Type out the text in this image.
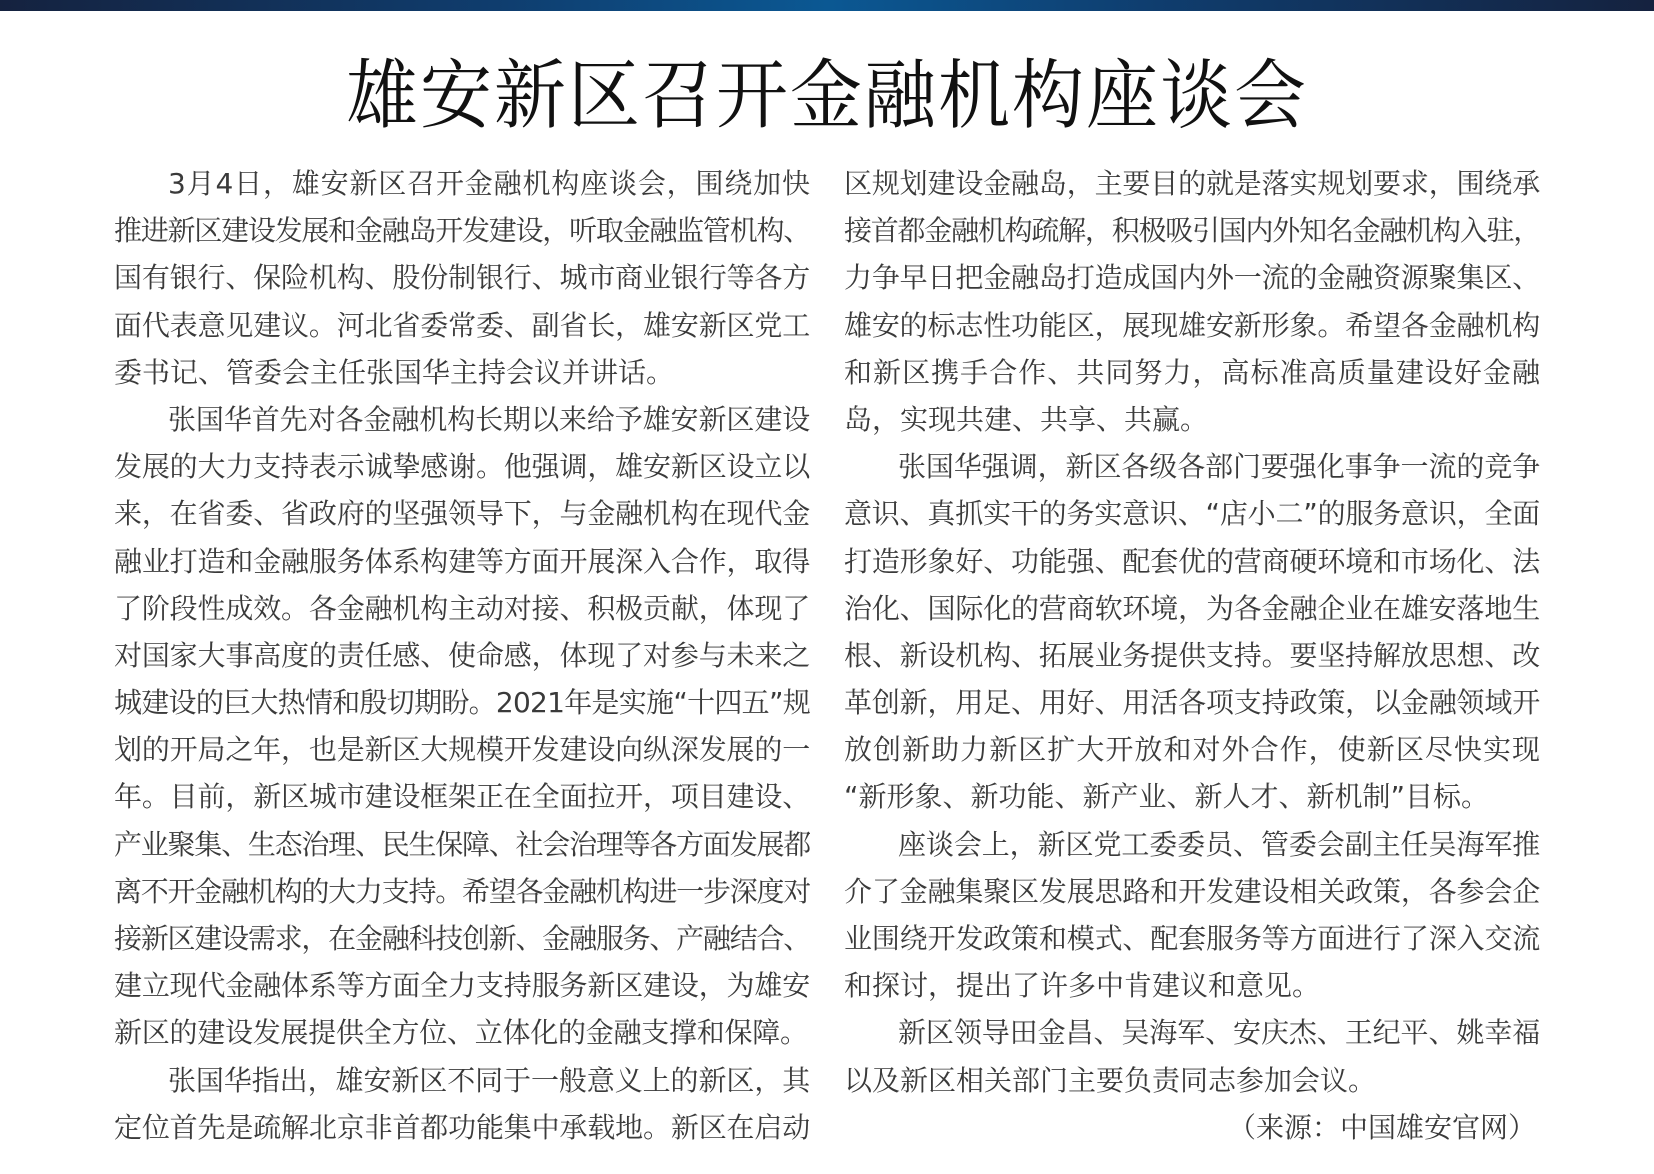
雄安新区召开金融机构座谈会
3月4日，雄安新区召开金融机构座谈会，围绕加快
推进新区建设发展和金融岛开发建设，听取金融监管机构、
国有银行、保险机构、股份制银行、城市商业银行等各方
面代表意见建议。河北省委常委、副省长，雄安新区党工
委书记、管委会主任张国华主持会议并讲话。
张国华首先对各金融机构长期以来给予雄安新区建设
发展的大力支持表示诚挚感谢。他强调，雄安新区设立以
来，在省委、省政府的坚强领导下，与金融机构在现代金
融业打造和金融服务体系构建等方面开展深入合作，取得
了阶段性成效。各金融机构主动对接、积极贡献，体现了
对国家大事高度的责任感、使命感，体现了对参与未来之
城建设的巨大热情和殷切期盼。2021年是实施“十四五”规
划的开局之年，也是新区大规模开发建设向纵深发展的一
年。目前，新区城市建设框架正在全面拉开，项目建设、
产业聚集、生态治理、民生保障、社会治理等各方面发展都
离不开金融机构的大力支持。希望各金融机构进一步深度对
接新区建设需求，在金融科技创新、金融服务、产融结合、
建立现代金融体系等方面全力支持服务新区建设，为雄安
新区的建设发展提供全方位、立体化的金融支撑和保障。
张国华指出，雄安新区不同于一般意义上的新区，其
定位首先是疏解北京非首都功能集中承载地。新区在启动
区规划建设金融岛，主要目的就是落实规划要求，围绕承
接首都金融机构疏解，积极吸引国内外知名金融机构入驻，
力争早日把金融岛打造成国内外一流的金融资源聚集区、
雄安的标志性功能区，展现雄安新形象。希望各金融机构
和新区携手合作、共同努力，高标准高质量建设好金融
岛，实现共建、共享、共赢。
张国华强调，新区各级各部门要强化事争一流的竞争
意识、真抓实干的务实意识、“店小二”的服务意识，全面
打造形象好、功能强、配套优的营商硬环境和市场化、法
治化、国际化的营商软环境，为各金融企业在雄安落地生
根、新设机构、拓展业务提供支持。要坚持解放思想、改
革创新，用足、用好、用活各项支持政策，以金融领域开
放创新助力新区扩大开放和对外合作，使新区尽快实现
“新形象、新功能、新产业、新人才、新机制”目标。
座谈会上，新区党工委委员、管委会副主任吴海军推
介了金融集聚区发展思路和开发建设相关政策，各参会企
业围绕开发政策和模式、配套服务等方面进行了深入交流
和探讨，提出了许多中肯建议和意见。
新区领导田金昌、吴海军、安庆杰、王纪平、姚幸福
以及新区相关部门主要负责同志参加会议。
（来源：中国雄安官网）
